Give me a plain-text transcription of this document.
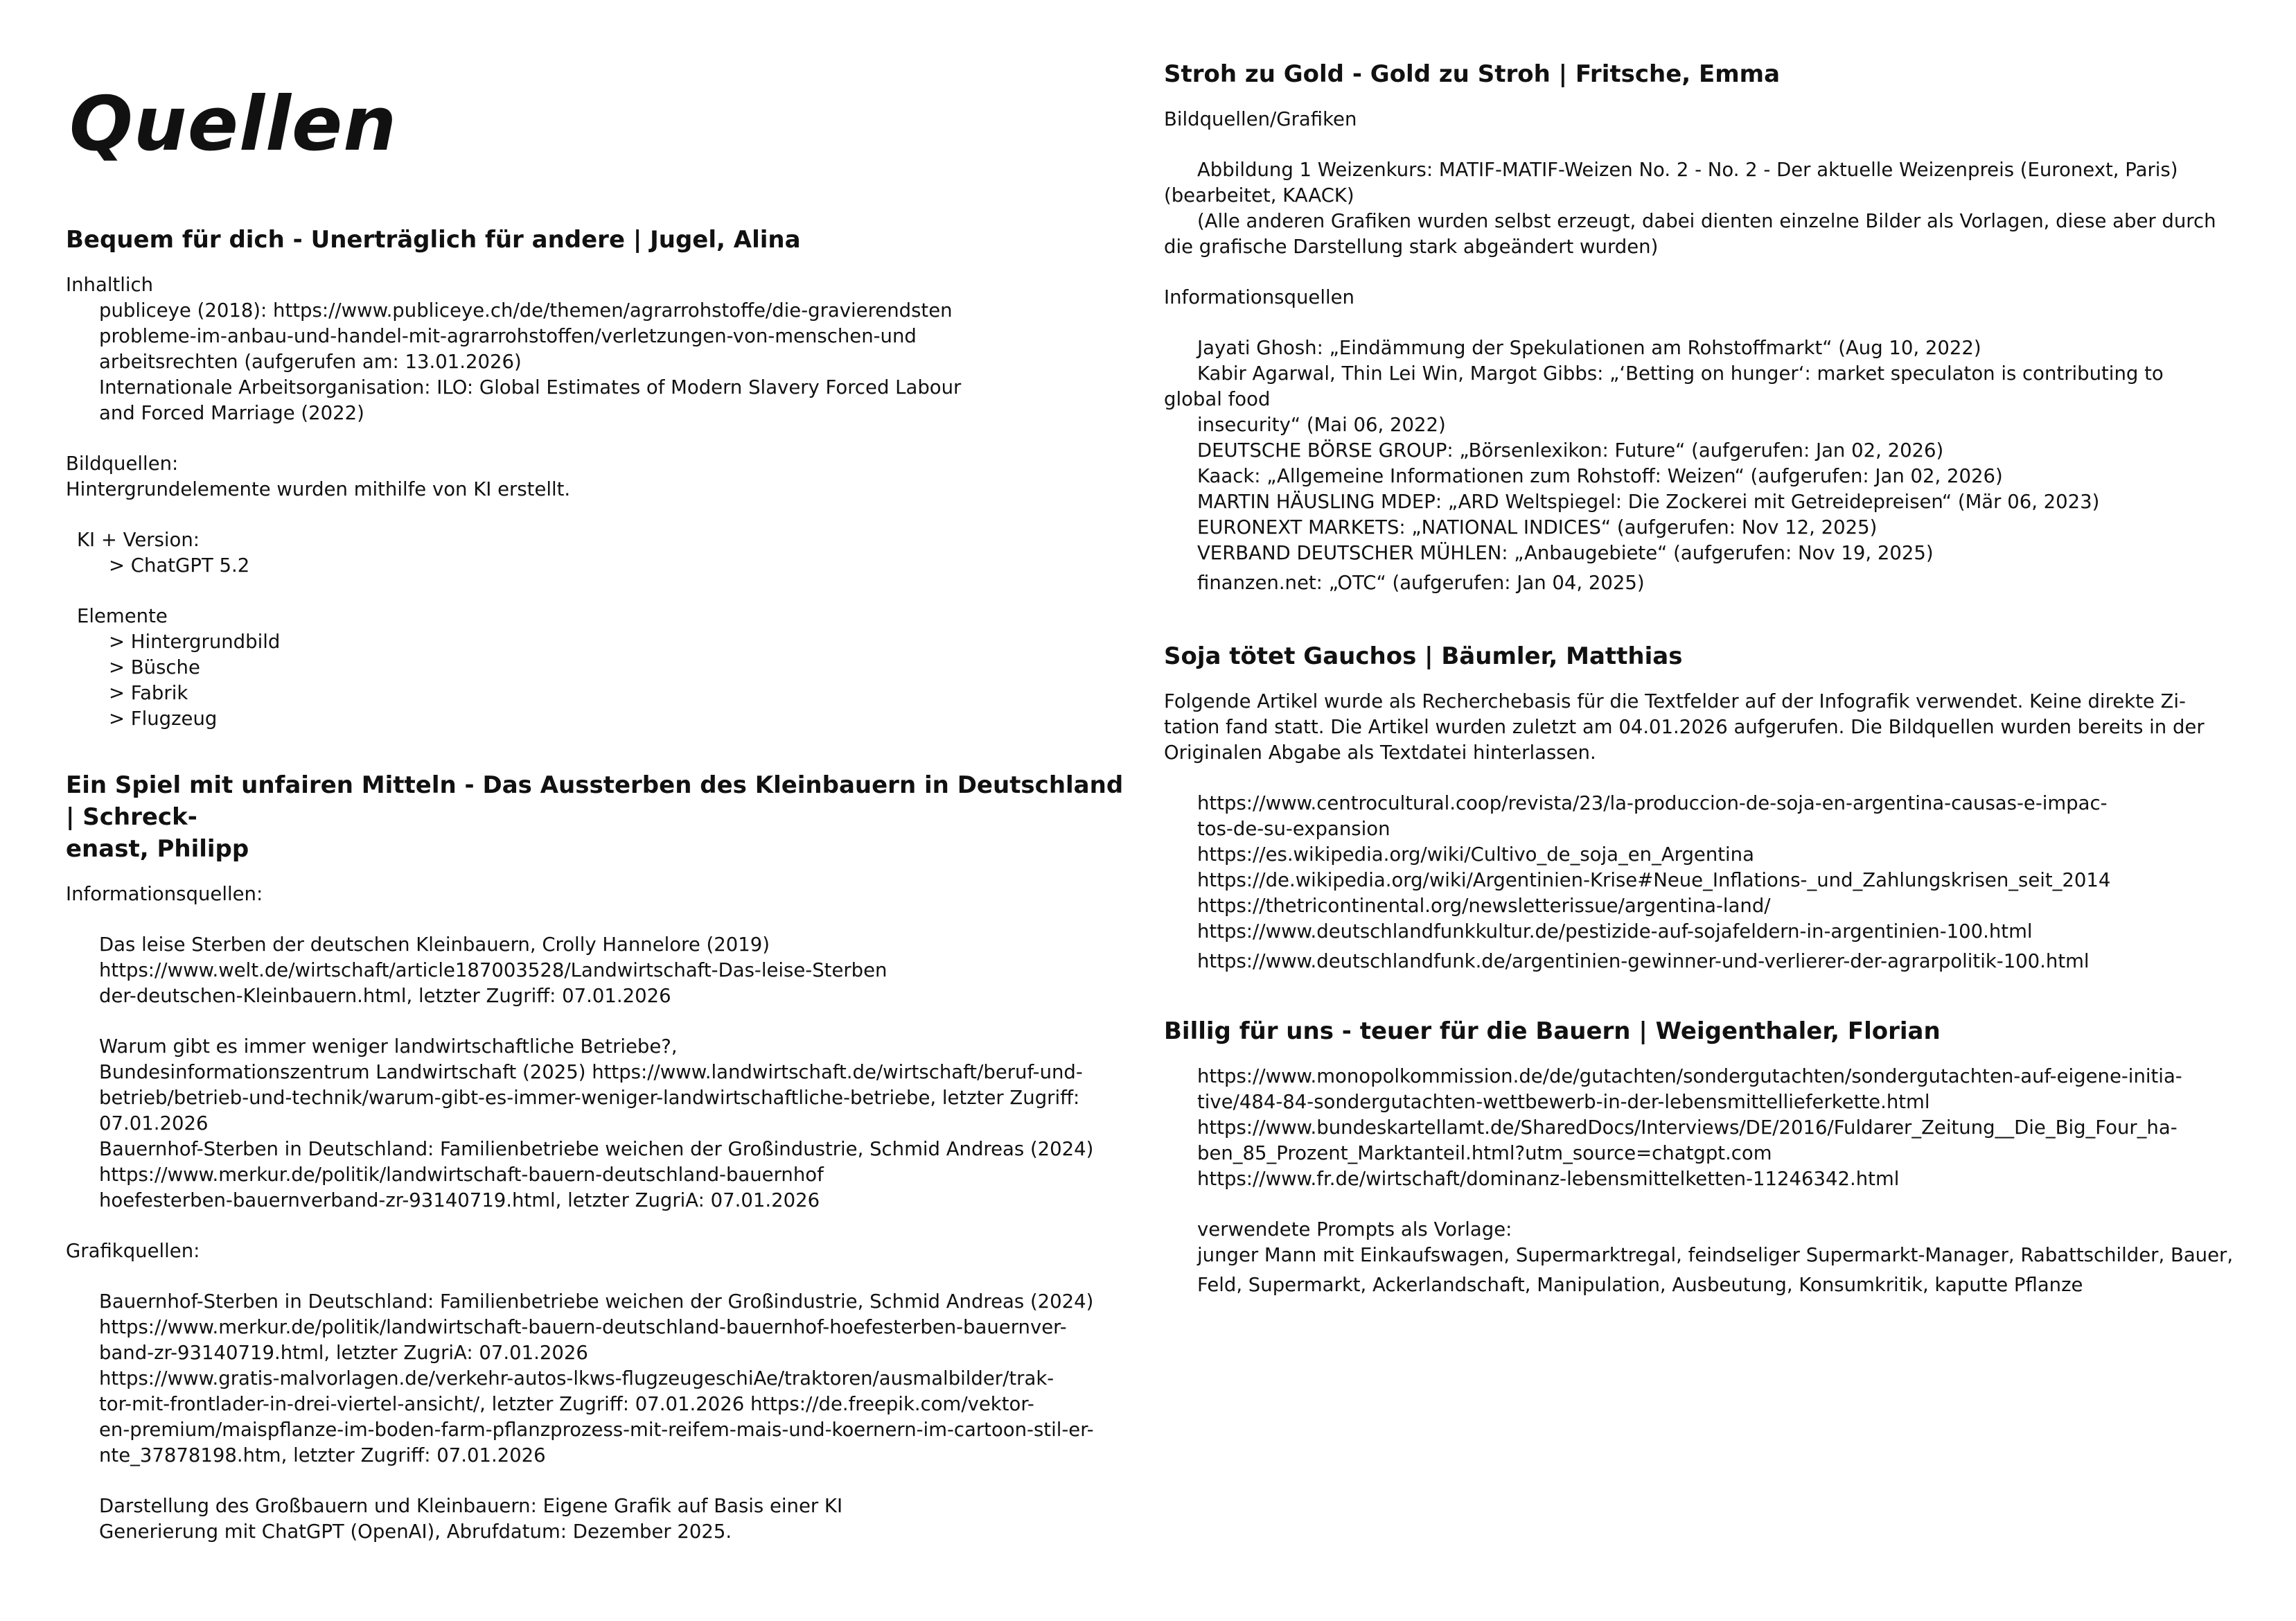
Quellen
Bequem für dich - Unerträglich für andere | Jugel, Alina

Inhaltlich

publiceye (2018): https://www.publiceye.ch/de/themen/agrarrohstoffe/die-gravierendsten

probleme-im-anbau-und-handel-mit-agrarrohstoffen/verletzungen-von-menschen-und

arbeitsrechten (aufgerufen am: 13.01.2026)

Internationale Arbeitsorganisation: ILO: Global Estimates of Modern Slavery Forced Labour

and Forced Marriage (2022)

Bildquellen:

Hintergrundelemente wurden mithilfe von KI erstellt.

KI + Version:

> ChatGPT 5.2

Elemente

> Hintergrundbild

> Büsche

> Fabrik

> Flugzeug

Ein Spiel mit unfairen Mitteln - Das Aussterben des Kleinbauern in Deutschland | Schreck-
enast, Philipp

Informationsquellen:

Das leise Sterben der deutschen Kleinbauern, Crolly Hannelore (2019)

https://www.welt.de/wirtschaft/article187003528/Landwirtschaft-Das-leise-Sterben

der-deutschen-Kleinbauern.html, letzter Zugriff: 07.01.2026

Warum gibt es immer weniger landwirtschaftliche Betriebe?,

Bundesinformationszentrum Landwirtschaft (2025) https://www.landwirtschaft.de/wirtschaft/beruf-und-

betrieb/betrieb-und-technik/warum-gibt-es-immer-weniger-landwirtschaftliche-betriebe, letzter Zugriff:

07.01.2026

Bauernhof-Sterben in Deutschland: Familienbetriebe weichen der Großindustrie, Schmid Andreas (2024)

https://www.merkur.de/politik/landwirtschaft-bauern-deutschland-bauernhof

hoefesterben-bauernverband-zr-93140719.html, letzter ZugriA: 07.01.2026

Grafikquellen:

Bauernhof-Sterben in Deutschland: Familienbetriebe weichen der Großindustrie, Schmid Andreas (2024)

https://www.merkur.de/politik/landwirtschaft-bauern-deutschland-bauernhof-hoefesterben-bauernver-

band-zr-93140719.html, letzter ZugriA: 07.01.2026

https://www.gratis-malvorlagen.de/verkehr-autos-lkws-flugzeugeschiAe/traktoren/ausmalbilder/trak-

tor-mit-frontlader-in-drei-viertel-ansicht/, letzter Zugriff: 07.01.2026 https://de.freepik.com/vektor-

en-premium/maispflanze-im-boden-farm-pflanzprozess-mit-reifem-mais-und-koernern-im-cartoon-stil-er-

nte_37878198.htm, letzter Zugriff: 07.01.2026

Darstellung des Großbauern und Kleinbauern: Eigene Grafik auf Basis einer KI

Generierung mit ChatGPT (OpenAI), Abrufdatum: Dezember 2025.

Stroh zu Gold - Gold zu Stroh | Fritsche, Emma

Bildquellen/Grafiken

Abbildung 1 Weizenkurs: MATIF-MATIF-Weizen No. 2 - No. 2 - Der aktuelle Weizenpreis (Euronext, Paris)

(bearbeitet, KAACK)

(Alle anderen Grafiken wurden selbst erzeugt, dabei dienten einzelne Bilder als Vorlagen, diese aber durch

die grafische Darstellung stark abgeändert wurden)

Informationsquellen

Jayati Ghosh: „Eindämmung der Spekulationen am Rohstoffmarkt“ (Aug 10, 2022)

Kabir Agarwal, Thin Lei Win, Margot Gibbs: „‘Betting on hunger‘: market speculaton is contributing to

global food

insecurity“ (Mai 06, 2022)

DEUTSCHE BÖRSE GROUP: „Börsenlexikon: Future“ (aufgerufen: Jan 02, 2026)

Kaack: „Allgemeine Informationen zum Rohstoff: Weizen“ (aufgerufen: Jan 02, 2026)

MARTIN HÄUSLING MDEP: „ARD Weltspiegel: Die Zockerei mit Getreidepreisen“ (Mär 06, 2023)

EURONEXT MARKETS: „NATIONAL INDICES“ (aufgerufen: Nov 12, 2025)

VERBAND DEUTSCHER MÜHLEN: „Anbaugebiete“ (aufgerufen: Nov 19, 2025)

finanzen.net: „OTC“ (aufgerufen: Jan 04, 2025)

Soja tötet Gauchos | Bäumler, Matthias

Folgende Artikel wurde als Recherchebasis für die Textfelder auf der Infografik verwendet. Keine direkte Zi-

tation fand statt. Die Artikel wurden zuletzt am 04.01.2026 aufgerufen. Die Bildquellen wurden bereits in der

Originalen Abgabe als Textdatei hinterlassen.

https://www.centrocultural.coop/revista/23/la-produccion-de-soja-en-argentina-causas-e-impac-

tos-de-su-expansion

https://es.wikipedia.org/wiki/Cultivo_de_soja_en_Argentina

https://de.wikipedia.org/wiki/Argentinien-Krise#Neue_Inflations-_und_Zahlungskrisen_seit_2014

https://thetricontinental.org/newsletterissue/argentina-land/

https://www.deutschlandfunkkultur.de/pestizide-auf-sojafeldern-in-argentinien-100.html

https://www.deutschlandfunk.de/argentinien-gewinner-und-verlierer-der-agrarpolitik-100.html

Billig für uns - teuer für die Bauern | Weigenthaler, Florian

https://www.monopolkommission.de/de/gutachten/sondergutachten/sondergutachten-auf-eigene-initia-

tive/484-84-sondergutachten-wettbewerb-in-der-lebensmittellieferkette.html

https://www.bundeskartellamt.de/SharedDocs/Interviews/DE/2016/Fuldarer_Zeitung__Die_Big_Four_ha-

ben_85_Prozent_Marktanteil.html?utm_source=chatgpt.com

https://www.fr.de/wirtschaft/dominanz-lebensmittelketten-11246342.html

verwendete Prompts als Vorlage:

junger Mann mit Einkaufswagen, Supermarktregal, feindseliger Supermarkt-Manager, Rabattschilder, Bauer,

Feld, Supermarkt, Ackerlandschaft, Manipulation, Ausbeutung, Konsumkritik, kaputte Pflanze
